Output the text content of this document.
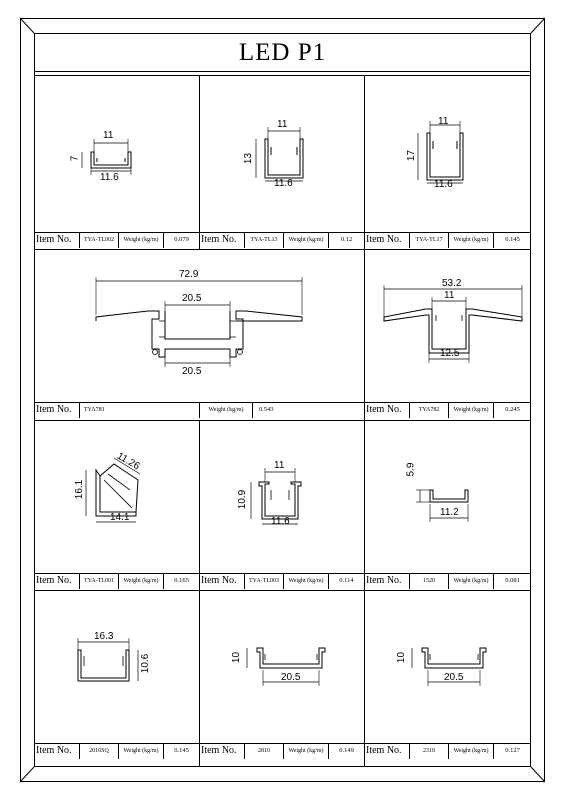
LED P1
11
7
11.6
11
13
11.6
11
17
11.6
Item No.	TYA-TL002	Weight (kg/m)	0.079	Item No.	TYA-TL13	Weight (kg/m)	0.12	Item No.	TYA-TL17	Weight (kg/m)	0.145
72.9
20.5
20.5
53.2
11
12.5
Item No.	TYA781	Weight (kg/m)	0.543	Item No.	TYA782	Weight (kg/m)	0.245
11.26
16.1
14.1
11
10.9
11.6
5.9
11.2
Item No.	TYA-TL001	Weight (kg/m)	0.165	Item No.	TYA-TL003	Weight (kg/m)	0.114	Item No.	1520	Weight (kg/m)	0.081
16.3
10.6	10
20.5
10
20.5
Item No.	2016SQ	Weight (kg/m)	0.145	Item No.	2810	Weight (kg/m)	0.149	Item No.	2310	Weight (kg/m)	0.127
